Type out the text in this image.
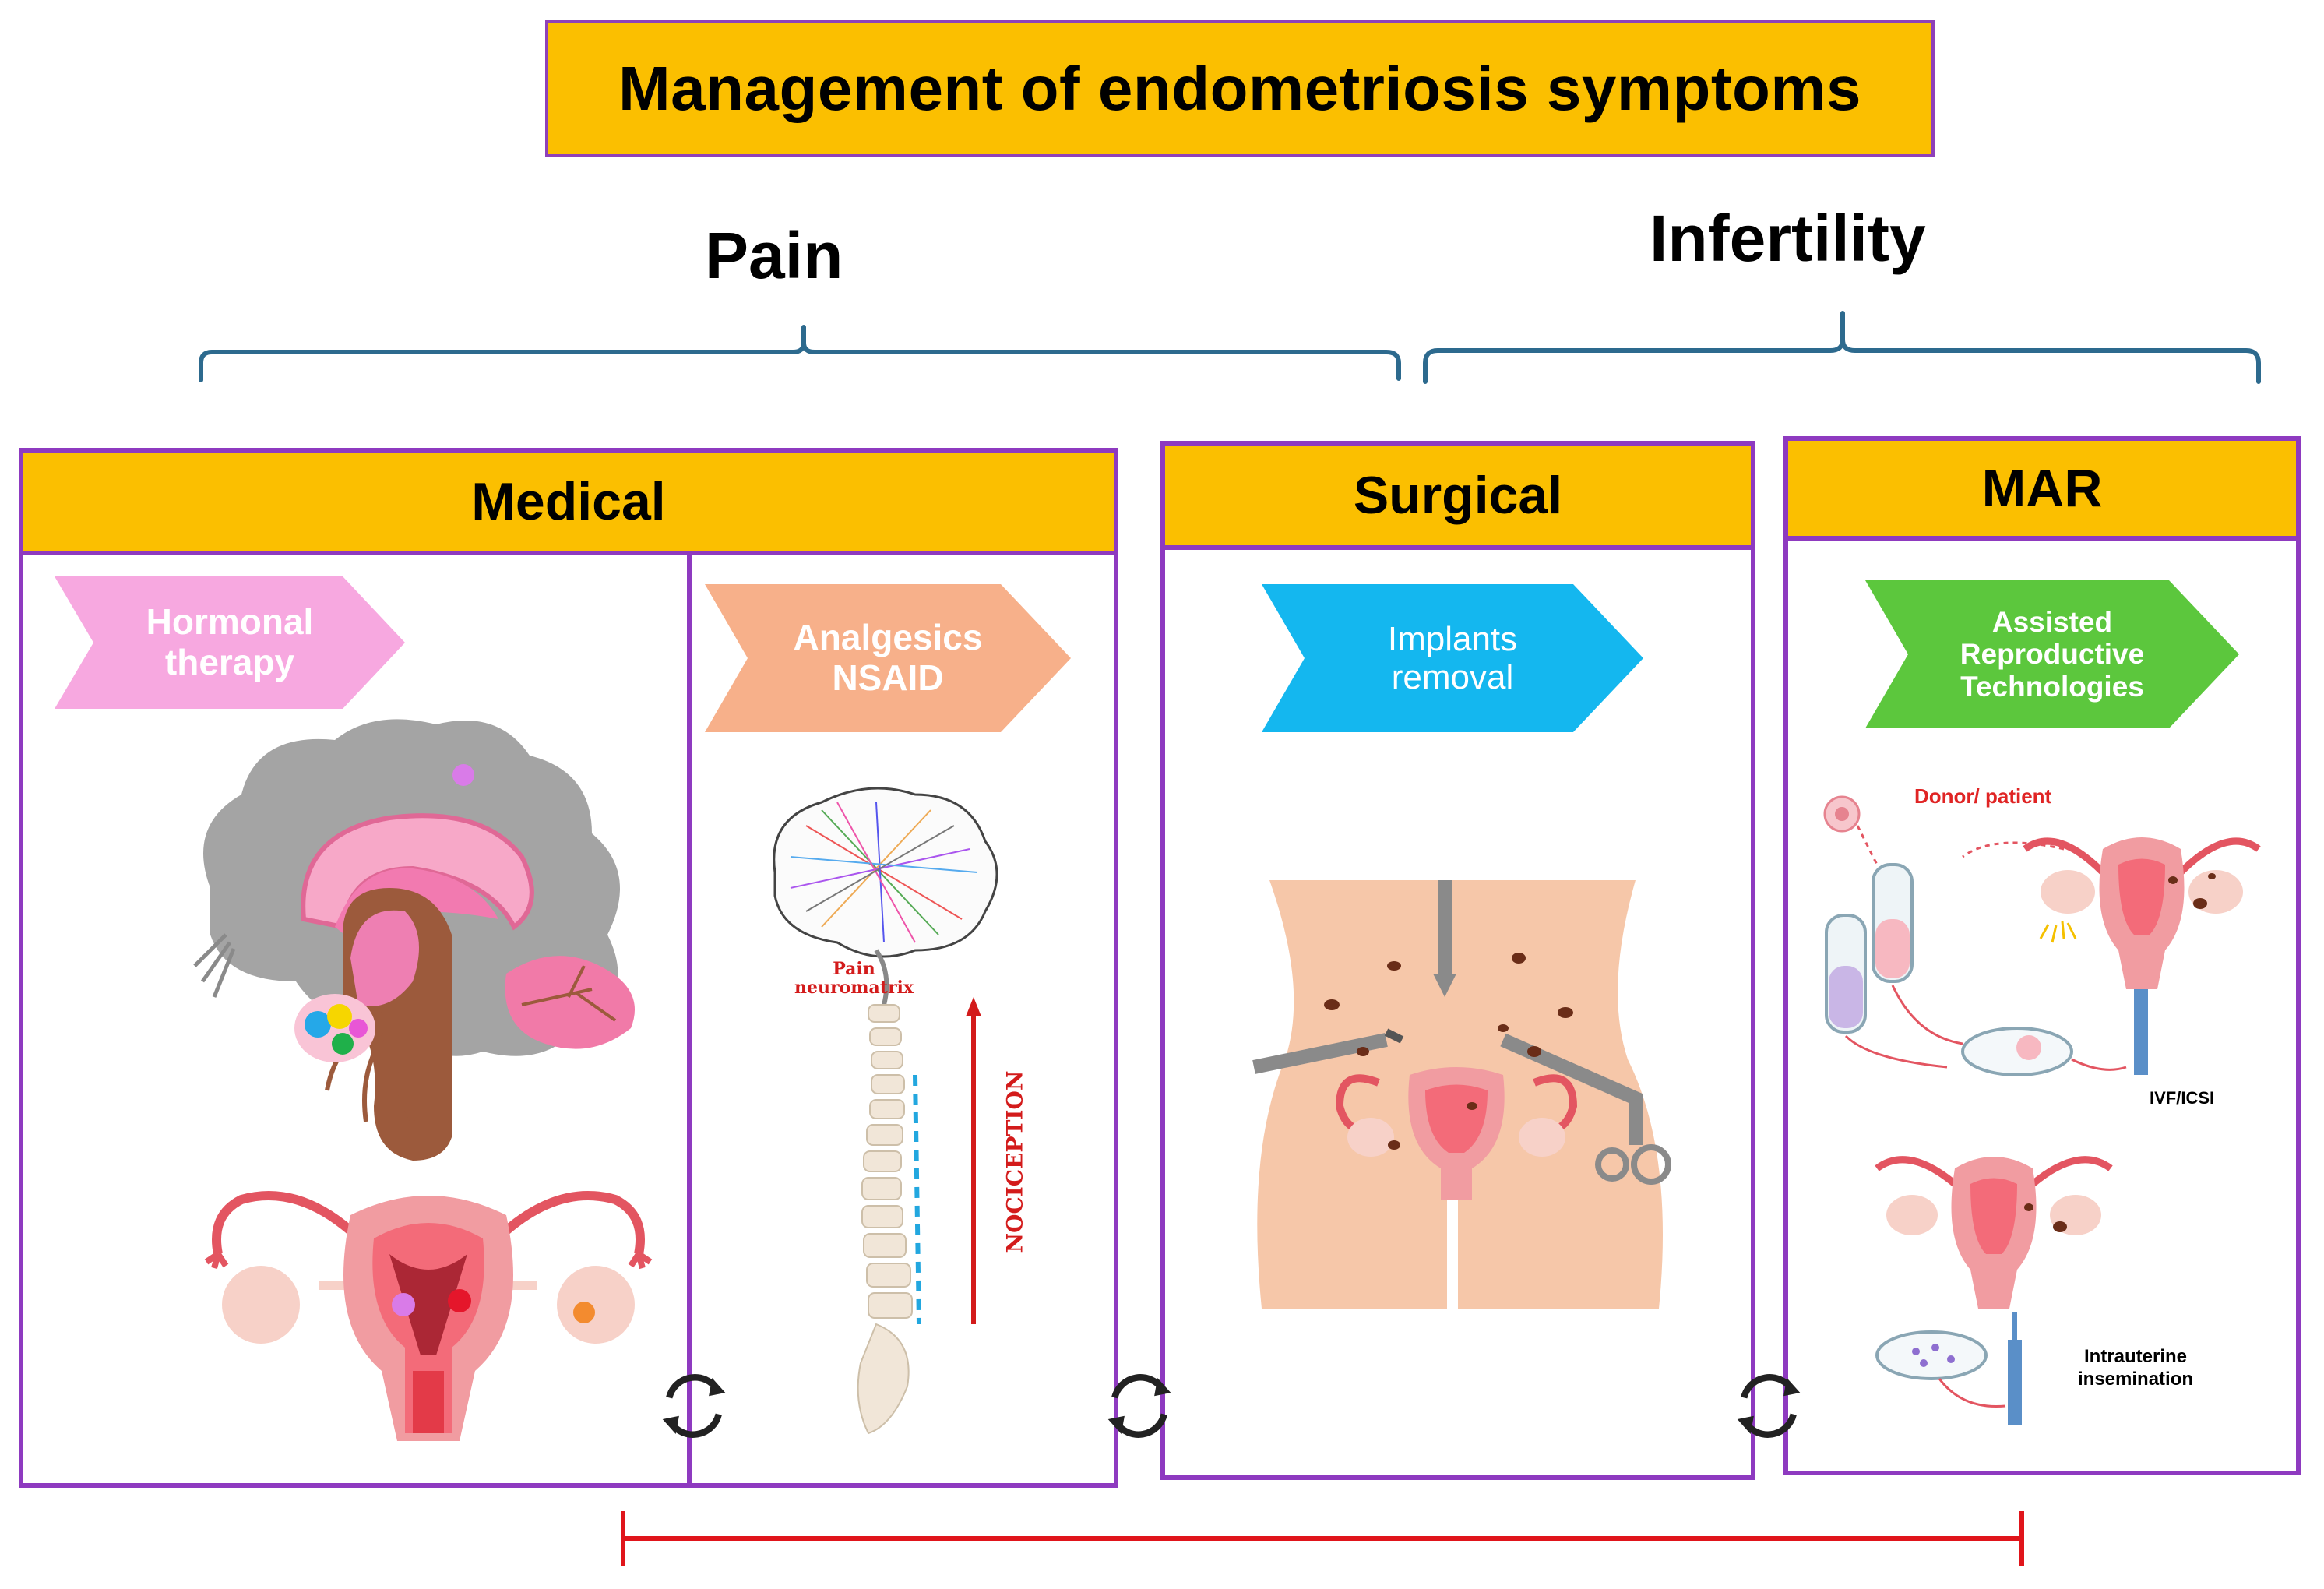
Management of endometriosis symptoms
Pain	Infertility
Medical
Hormonal
therapy
Analgesics
NSAID
Pain
neuromatrix
NOCICEPTION
Surgical
Implants
removal
MAR
Assisted
Reproductive
Technologies
Donor/ patient
IVF/ICSI
Intrauterine
insemination
